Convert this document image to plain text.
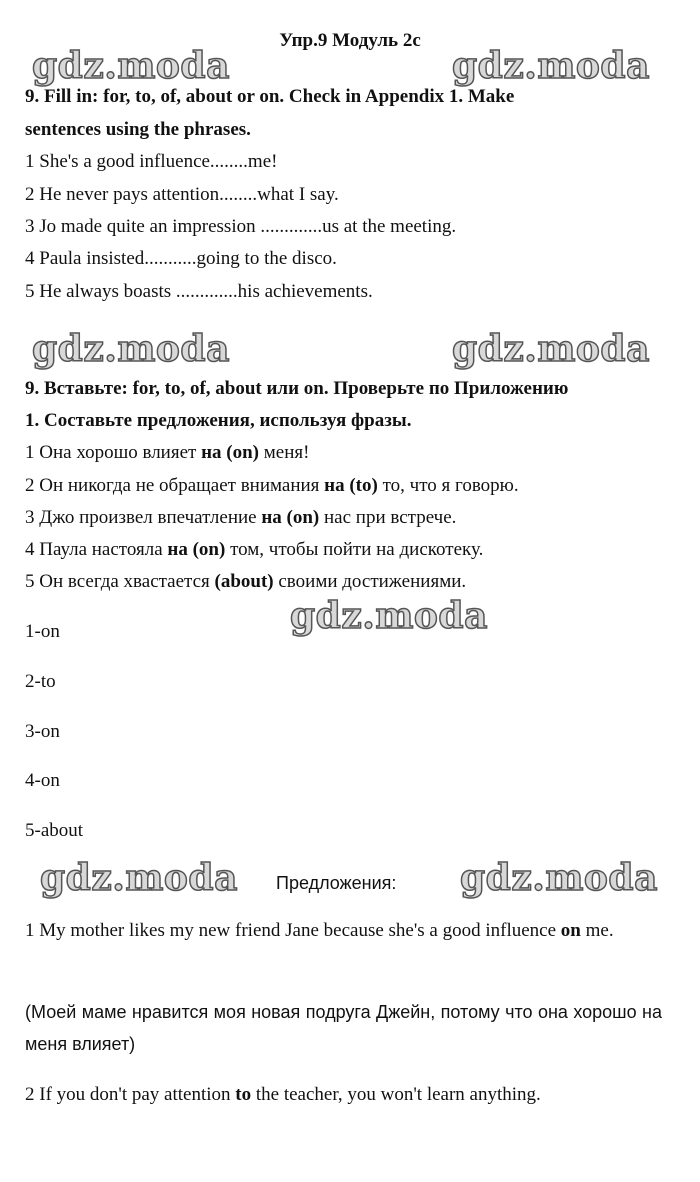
Упр.9 Модуль 2c
gdz.moda	gdz.moda
gdz.moda	gdz.moda
gdz.moda
gdz.moda	gdz.moda
9. Fill in: for, to, of, about or on. Check in Appendix 1. Make
sentences using the phrases.
1 She's a good influence........me!
2 He never pays attention........what I say.
3 Jo made quite an impression .............us at the meeting.
4 Paula insisted...........going to the disco.
5 He always boasts .............his achievements.
9. Вставьте: for, to, of, about или on. Проверьте по Приложению
1. Составьте предложения, используя фразы.
1 Она хорошо влияет на (on) меня!
2 Он никогда не обращает внимания на (to) то, что я говорю.
3 Джо произвел впечатление на (on) нас при встрече.
4 Паула настояла на (on) том, чтобы пойти на дискотеку.
5 Он всегда хвастается (about) своими достижениями.
1-on
2-to
3-on
4-on
5-about
Предложения:
1 My mother likes my new friend Jane because she's a good influence on me.
(Моей маме нравится моя новая подруга Джейн, потому что она хорошо на меня влияет)
2 If you don't pay attention to the teacher, you won't learn anything.
